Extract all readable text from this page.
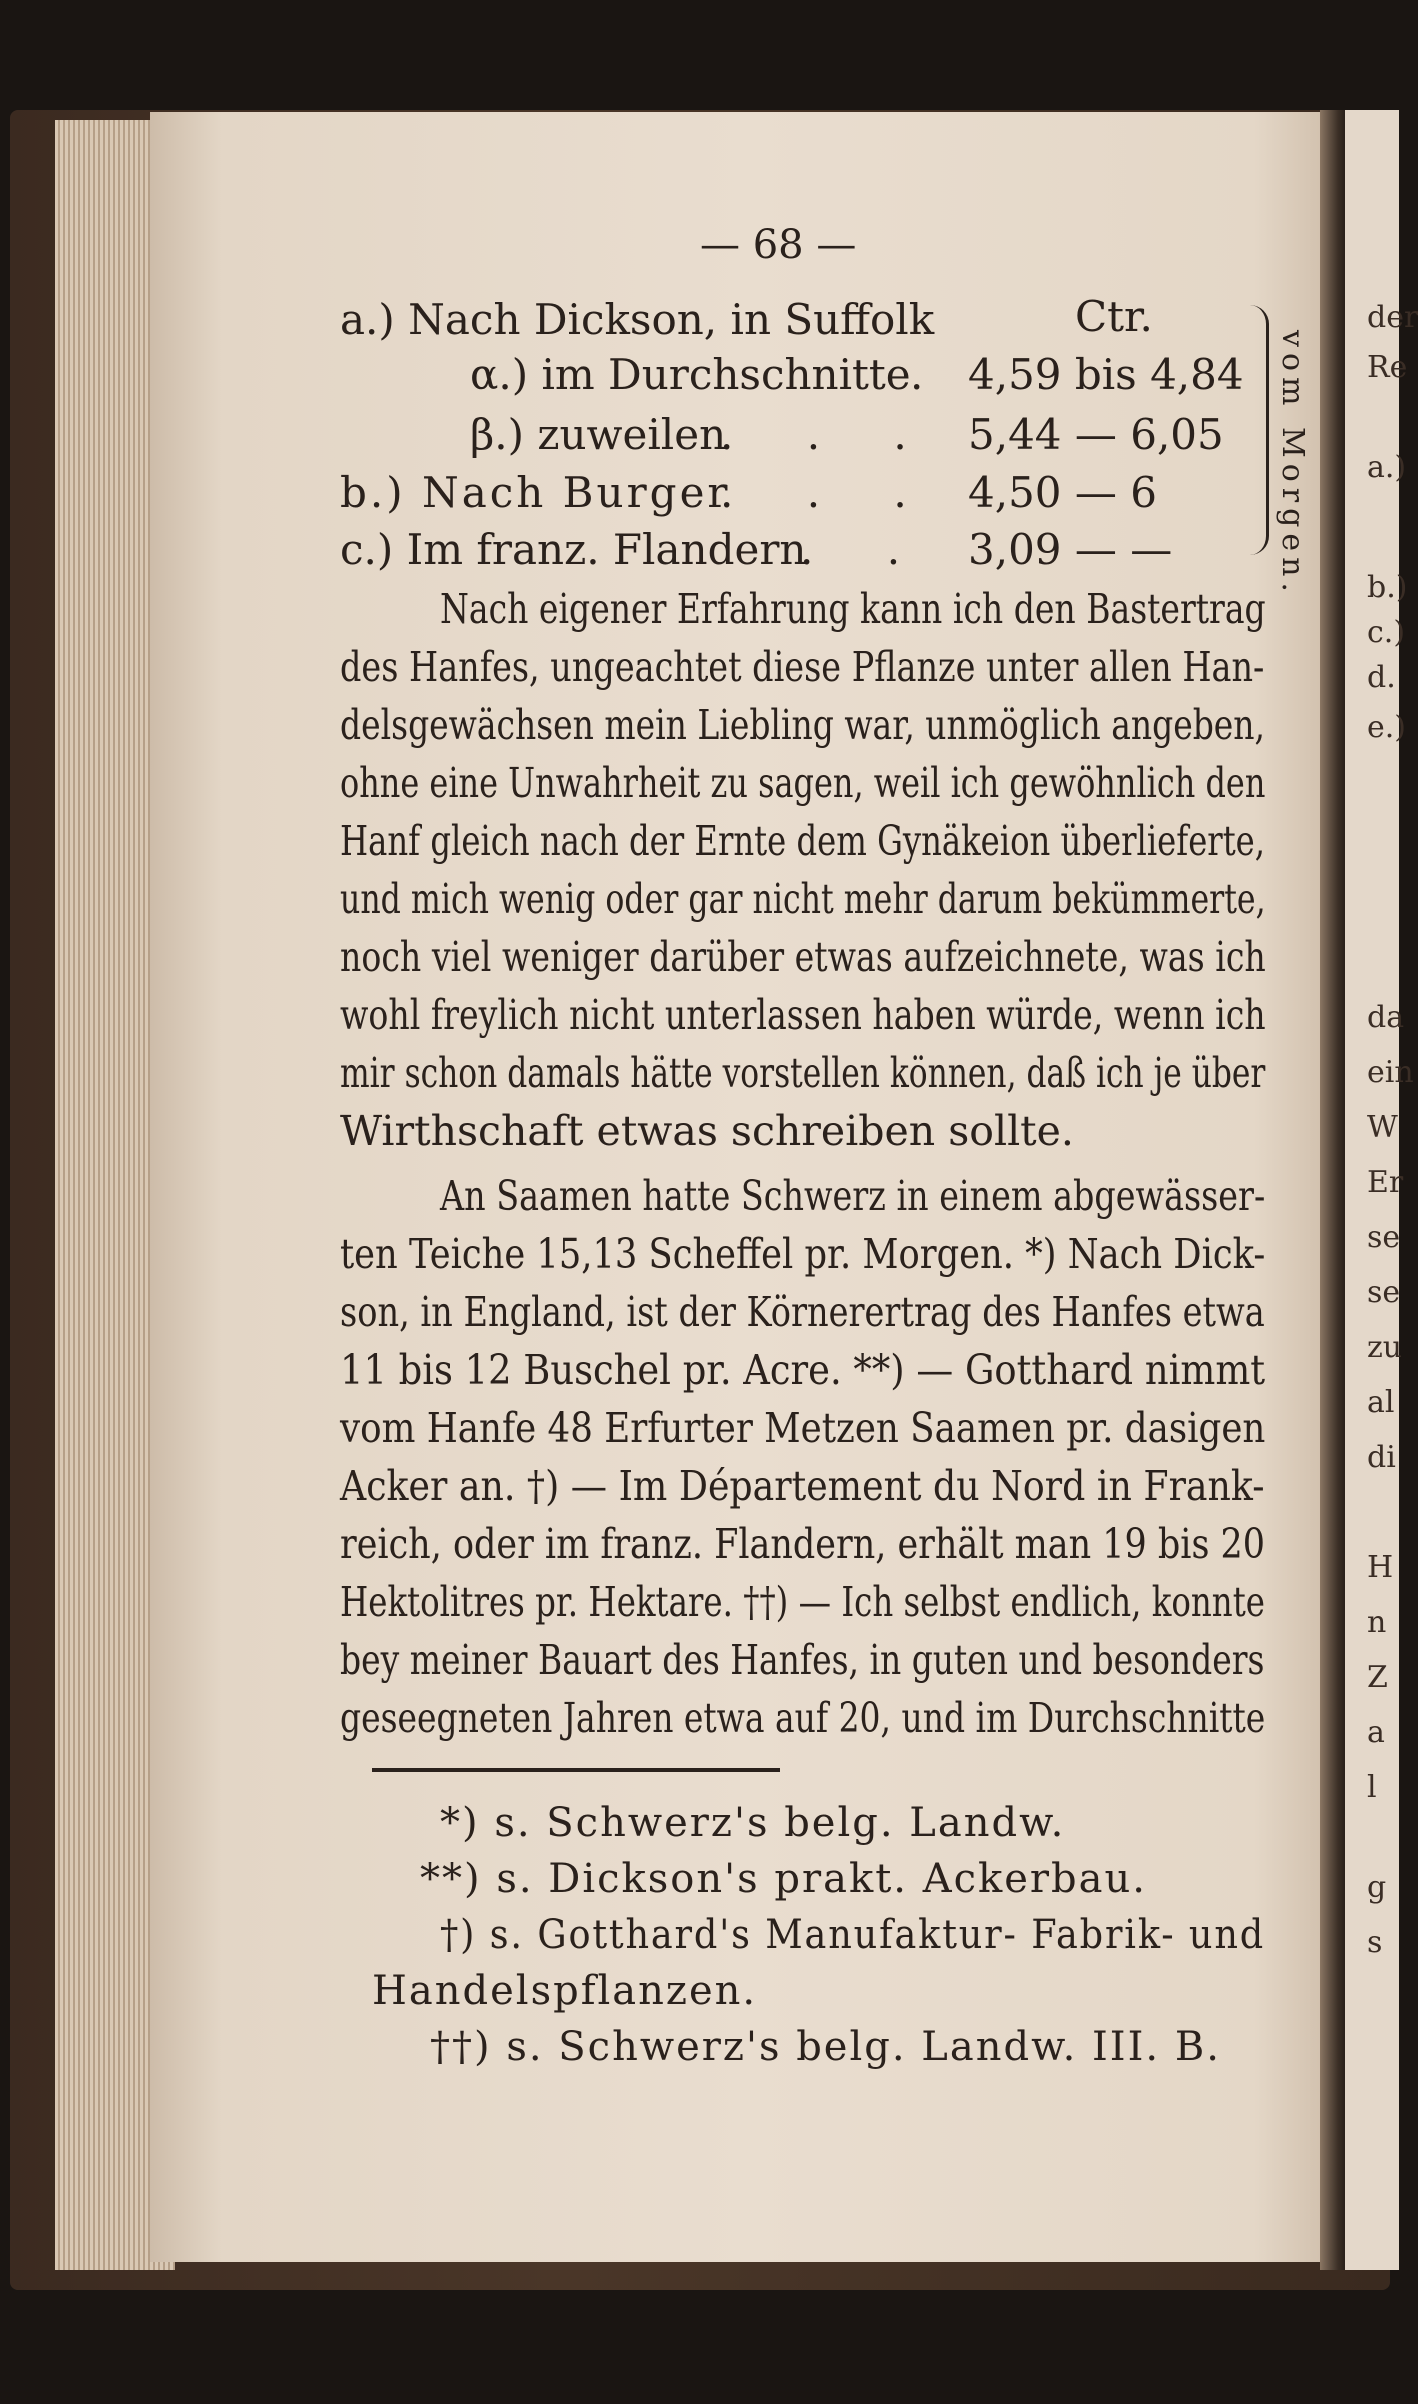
der
Re
a.)
b.)
c.)
d.
e.)
da
ein
W
Er
se
se
zu
al
di
H
n
Z
a
l
g
s
— 68 —
a.) Nach Dickson, in Suffolk	Ctr.
α.) im Durchschnitte . 4,59 bis 4,84
β.) zuweilen
. . . 5,44 — 6,05
b.) Nach Burger
. . . 4,50 — 6
c.) Im franz. Flandern
. . 3,09 — —	vom Morgen.
Nach eigener Erfahrung kann ich den Bastertrag
des Hanfes, ungeachtet diese Pflanze unter allen Han-
delsgewächsen mein Liebling war, unmöglich angeben,
ohne eine Unwahrheit zu sagen, weil ich gewöhnlich den
Hanf gleich nach der Ernte dem Gynäkeion überlieferte,
und mich wenig oder gar nicht mehr darum bekümmerte,
noch viel weniger darüber etwas aufzeichnete, was ich
wohl freylich nicht unterlassen haben würde, wenn ich
mir schon damals hätte vorstellen können, daß ich je über
Wirthschaft etwas schreiben sollte.
An Saamen hatte Schwerz in einem abgewässer-
ten Teiche 15,13 Scheffel pr. Morgen. *) Nach Dick-
son, in England, ist der Körnerertrag des Hanfes etwa
11 bis 12 Buschel pr. Acre. **) — Gotthard nimmt
vom Hanfe 48 Erfurter Metzen Saamen pr. dasigen
Acker an. †) — Im Département du Nord in Frank-
reich, oder im franz. Flandern, erhält man 19 bis 20
Hektolitres pr. Hektare. ††) — Ich selbst endlich, konnte
bey meiner Bauart des Hanfes, in guten und besonders
geseegneten Jahren etwa auf 20, und im Durchschnitte
*) s. Schwerz's belg. Landw.
**) s. Dickson's prakt. Ackerbau.
†) s. Gotthard's Manufaktur- Fabrik- und
Handelspflanzen.
††) s. Schwerz's belg. Landw. III. B.
